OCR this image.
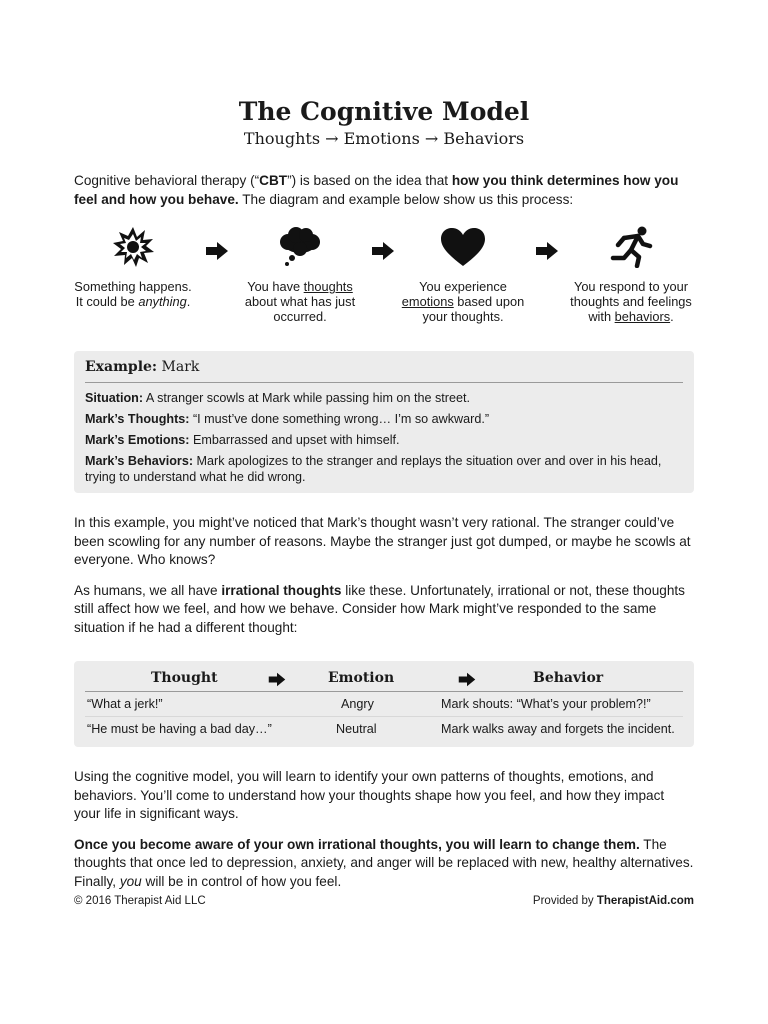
The Cognitive Model
Thoughts → Emotions → Behaviors

Cognitive behavioral therapy (“CBT”) is based on the idea that how you think determines how you feel and how you behave. The diagram and example below show us this process:

Something happens.
It could be anything.
You have thoughts about what has just occurred.
You experience emotions based upon your thoughts.
You respond to your thoughts and feelings with behaviors.
Example: Mark
Situation: A stranger scowls at Mark while passing him on the street.
Mark’s Thoughts: “I must’ve done something wrong… I’m so awkward.”
Mark’s Emotions: Embarrassed and upset with himself.
Mark’s Behaviors: Mark apologizes to the stranger and replays the situation over and over in his head, trying to understand what he did wrong.

In this example, you might’ve noticed that Mark’s thought wasn’t very rational. The stranger could’ve been scowling for any number of reasons. Maybe the stranger just got dumped, or maybe he scowls at everyone. Who knows?

As humans, we all have irrational thoughts like these. Unfortunately, irrational or not, these thoughts still affect how we feel, and how we behave. Consider how Mark might’ve responded to the same situation if he had a different thought:

Thought	Emotion	Behavior
“What a jerk!”	Angry	Mark shouts: “What’s your problem?!”
“He must be having a bad day…”	Neutral	Mark walks away and forgets the incident.

Using the cognitive model, you will learn to identify your own patterns of thoughts, emotions, and behaviors. You’ll come to understand how your thoughts shape how you feel, and how they impact your life in significant ways.

Once you become aware of your own irrational thoughts, you will learn to change them. The thoughts that once led to depression, anxiety, and anger will be replaced with new, healthy alternatives. Finally, you will be in control of how you feel.

© 2016 Therapist Aid LLC	Provided by TherapistAid.com
